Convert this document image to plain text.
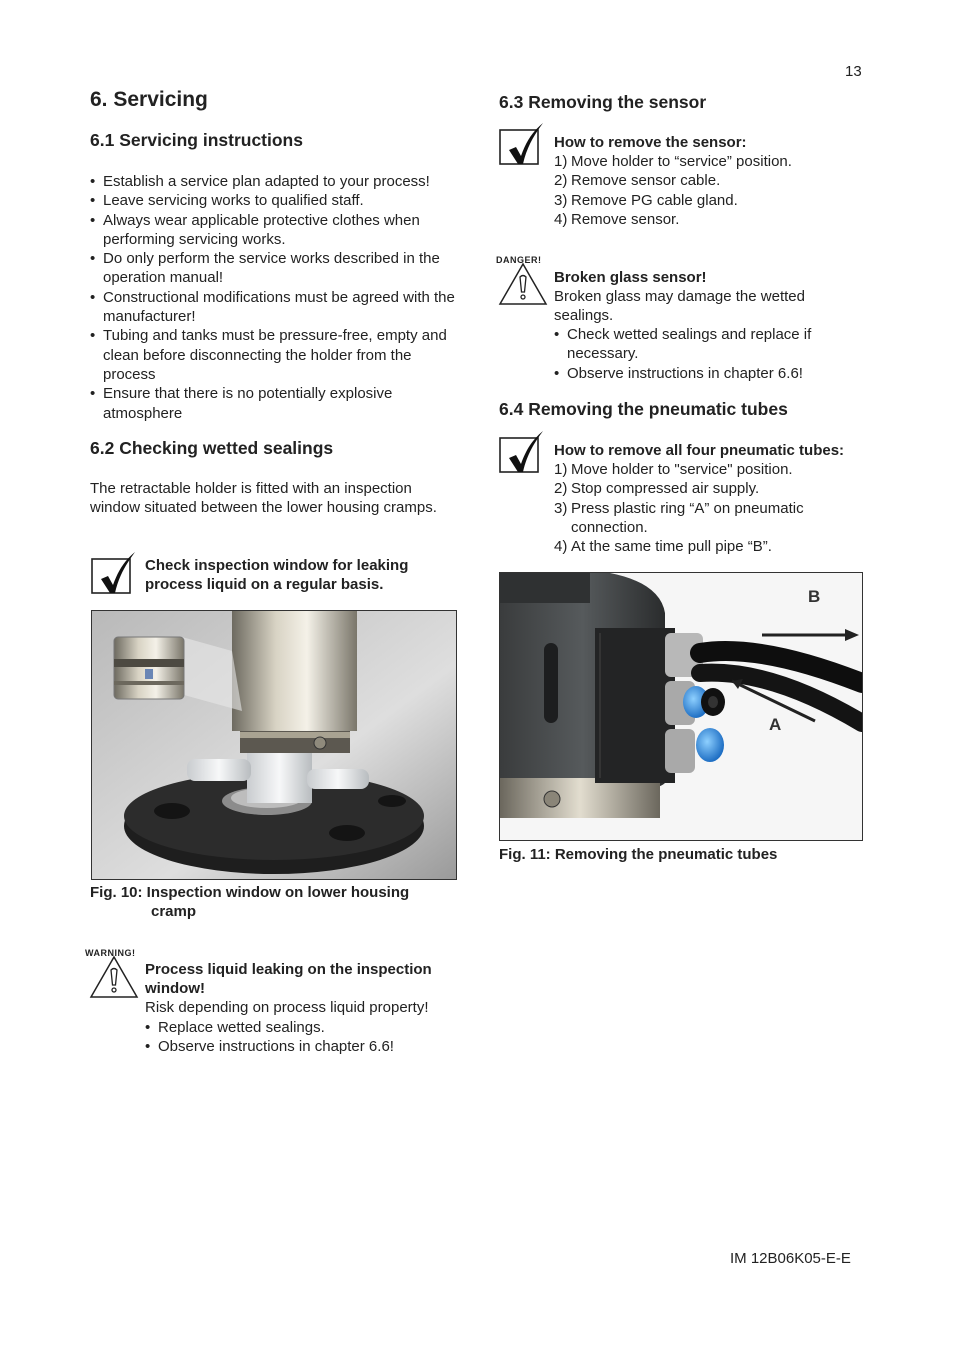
13
6. Servicing
6.1 Servicing instructions
• Establish a service plan adapted to your process!
• Leave servicing works to qualified staff.
• Always wear applicable protective clothes when performing servicing works.
• Do only perform the service works described in the operation manual!
• Constructional modifications must be agreed with the manufacturer!
• Tubing and tanks must be pressure-free, empty and clean before disconnecting the holder from the process
• Ensure that there is no potentially explosive atmosphere
6.2 Checking wetted sealings
The retractable holder is fitted with an inspection window situated between the lower housing cramps.
Check inspection window for leaking process liquid on a regular basis.
Fig. 10: Inspection window on lower housing
cramp
WARNING!
Process liquid leaking on the inspection window!
Risk depending on process liquid property!
• Replace wetted sealings.
• Observe instructions in chapter 6.6!
6.3 Removing the sensor
How to remove the sensor:
1) Move holder to “service” position.
2) Remove sensor cable.
3) Remove PG cable gland.
4) Remove sensor.
DANGER!
Broken glass sensor!
Broken glass may damage the wetted sealings.
• Check wetted sealings and replace if necessary.
• Observe instructions in chapter 6.6!
6.4 Removing the pneumatic tubes
How to remove all four pneumatic tubes:
1) Move holder to "service" position.
2) Stop compressed air supply.
3) Press plastic ring “A” on pneumatic connection.
4) At the same time pull pipe “B”.
B
A
Fig. 11: Removing the pneumatic tubes
IM 12B06K05-E-E
